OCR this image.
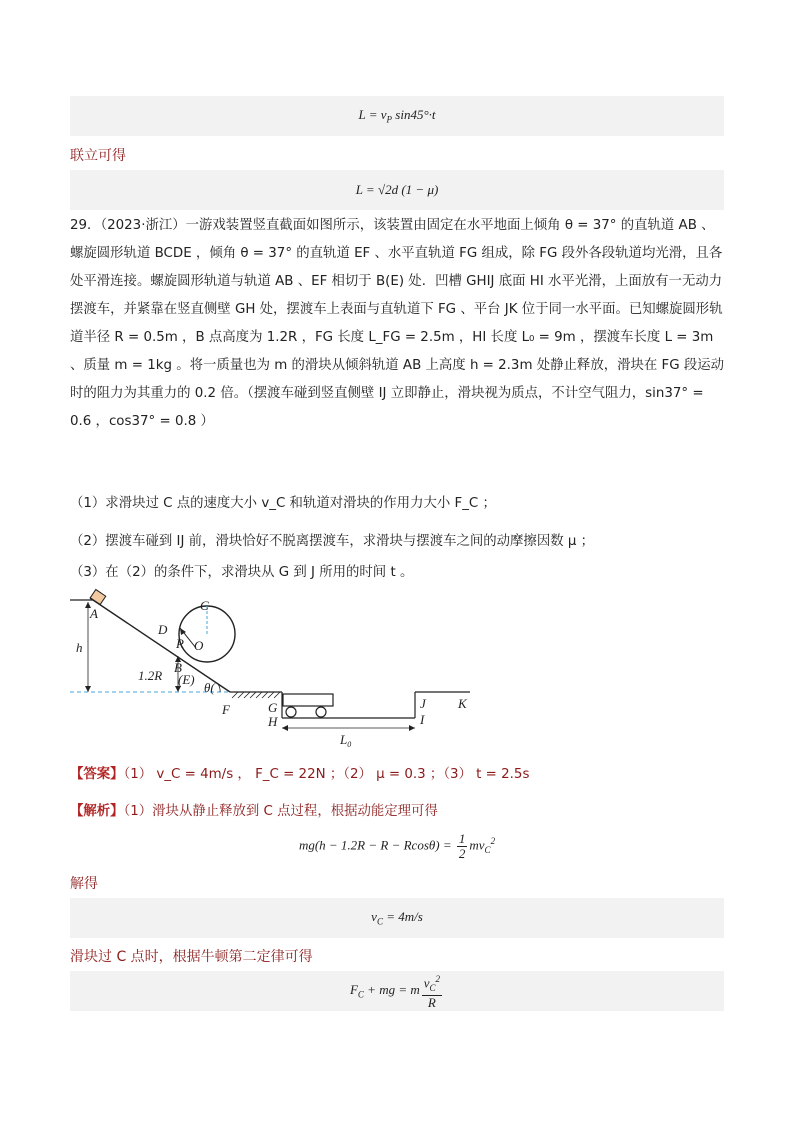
$L = v_P$ sin45°·t
联立可得
L = √2d (1 − μ)
29．（2023·浙江）一游戏装置竖直截面如图所示，该装置由固定在水平地面上倾角 θ = 37° 的直轨道 AB 、螺旋圆形轨道 BCDE ，倾角 θ = 37° 的直轨道 EF 、水平直轨道 FG 组成，除 FG 段外各段轨道均光滑，且各处平滑连接。螺旋圆形轨道与轨道 AB 、EF 相切于 B(E) 处．凹槽 GHIJ 底面 HI 水平光滑，上面放有一无动力摆渡车，并紧靠在竖直侧壁 GH 处，摆渡车上表面与直轨道下 FG 、平台 JK 位于同一水平面。已知螺旋圆形轨道半径 R = 0.5m ，B 点高度为 1.2R ，FG 长度 L_FG = 2.5m ，HI 长度 L₀ = 9m ，摆渡车长度 L = 3m 、质量 m = 1kg 。将一质量也为 m 的滑块从倾斜轨道 AB 上高度 h = 2.3m 处静止释放，滑块在 FG 段运动时的阻力为其重力的 0.2 倍。（摆渡车碰到竖直侧壁 IJ 立即静止，滑块视为质点，不计空气阻力，sin37° = 0.6 ，cos37° = 0.8 ）
（1）求滑块过 C 点的速度大小 v_C 和轨道对滑块的作用力大小 F_C ；
（2）摆渡车碰到 IJ 前，滑块恰好不脱离摆渡车，求滑块与摆渡车之间的动摩擦因数 μ ；
（3）在（2）的条件下，求滑块从 G 到 J 所用的时间 t 。
A
C
D
R O
h
1.2R
B
(E)
θ(
F	G
H
J
I
K
$L_0$
【答案】（1） v_C = 4m/s ， F_C = 22N ；（2） μ = 0.3 ；（3） t = 2.5s
【解析】（1）滑块从静止释放到 C 点过程，根据动能定理可得
$mg(h - 1.2R - R - Rcos\theta) = \frac{1}{2} mv_C^2$
解得
$v_C = 4m/s$
滑块过 C 点时，根据牛顿第二定律可得
$F_C$ + mg = m $\frac{v_C^2}{R}$
